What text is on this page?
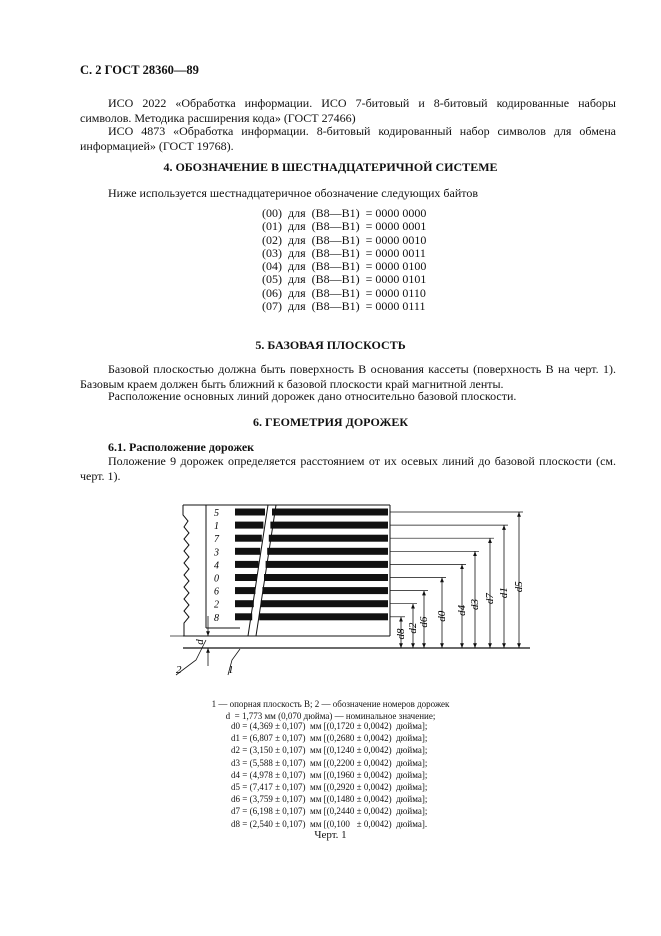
С. 2 ГОСТ 28360—89
ИСО 2022 «Обработка информации. ИСО 7-битовый и 8-битовый кодированные наборы символов. Методика расширения кода» (ГОСТ 27466)
ИСО 4873 «Обработка информации. 8-битовый кодированный набор символов для обмена информацией» (ГОСТ 19768).
4. ОБОЗНАЧЕНИЕ В ШЕСТНАДЦАТЕРИЧНОЙ СИСТЕМЕ
Ниже используется шестнадцатеричное обозначение следующих байтов
(00)  для  (B8—B1)  = 0000 0000
(01)  для  (B8—B1)  = 0000 0001
(02)  для  (B8—B1)  = 0000 0010
(03)  для  (B8—B1)  = 0000 0011
(04)  для  (B8—B1)  = 0000 0100
(05)  для  (B8—B1)  = 0000 0101
(06)  для  (B8—B1)  = 0000 0110
(07)  для  (B8—B1)  = 0000 0111
5. БАЗОВАЯ ПЛОСКОСТЬ
Базовой плоскостью должна быть поверхность B основания кассеты (поверхность B на черт. 1). Базовым краем должен быть ближний к базовой плоскости край магнитной ленты.
Расположение основных линий дорожек дано относительно базовой плоскости.
6. ГЕОМЕТРИЯ ДОРОЖЕК
6.1. Расположение дорожек
Положение 9 дорожек определяется расстоянием от их осевых линий до базовой плоскости (см. черт. 1).
5
1
7
3
4
0
6
2
8
d5
d1
d7
d3
d4
d0
d6
d2
d8
d
2	1
1 — опорная плоскость B; 2 — обозначение номеров дорожек
d  = 1,773 мм (0,070 дюйма) — номинальное значение;
d0 = (4,369 ± 0,107)  мм [(0,1720 ± 0,0042)  дюйма];
d1 = (6,807 ± 0,107)  мм [(0,2680 ± 0,0042)  дюйма];
d2 = (3,150 ± 0,107)  мм [(0,1240 ± 0,0042)  дюйма];
d3 = (5,588 ± 0,107)  мм [(0,2200 ± 0,0042)  дюйма];
d4 = (4,978 ± 0,107)  мм [(0,1960 ± 0,0042)  дюйма];
d5 = (7,417 ± 0,107)  мм [(0,2920 ± 0,0042)  дюйма];
d6 = (3,759 ± 0,107)  мм [(0,1480 ± 0,0042)  дюйма];
d7 = (6,198 ± 0,107)  мм [(0,2440 ± 0,0042)  дюйма];
d8 = (2,540 ± 0,107)  мм [(0,100   ± 0,0042)  дюйма].
Черт. 1
